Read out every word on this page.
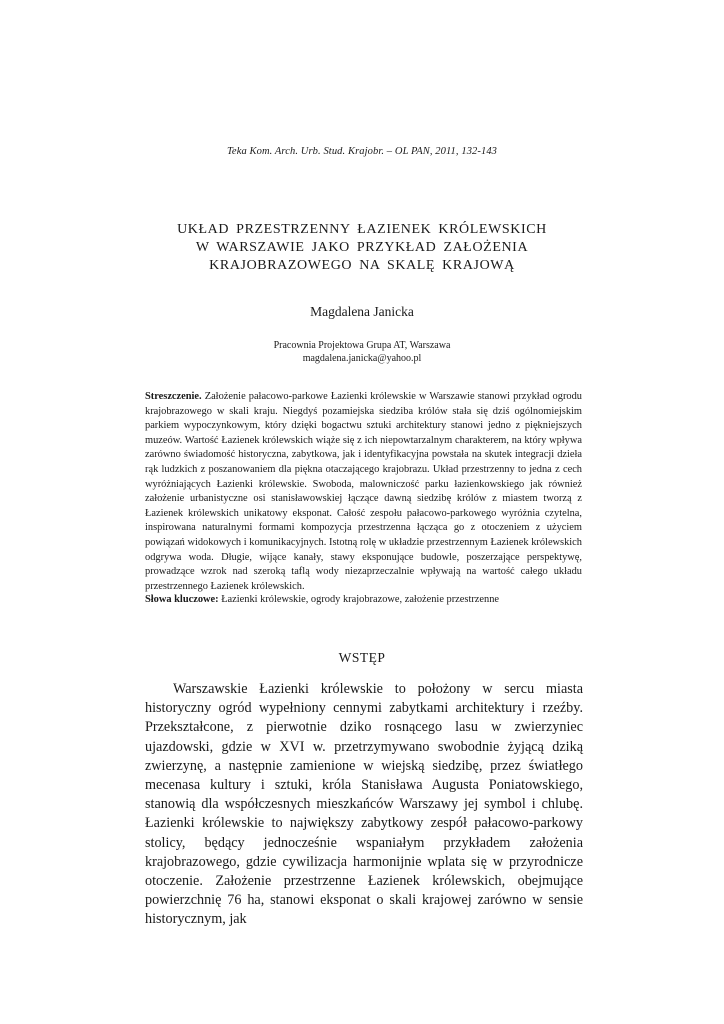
Teka Kom. Arch. Urb. Stud. Krajobr. – OL PAN, 2011, 132-143
UKŁAD PRZESTRZENNY ŁAZIENEK KRÓLEWSKICH
W WARSZAWIE JAKO PRZYKŁAD ZAŁOŻENIA
KRAJOBRAZOWEGO NA SKALĘ KRAJOWĄ
Magdalena Janicka
Pracownia Projektowa Grupa AT, Warszawa
magdalena.janicka@yahoo.pl
Streszczenie. Założenie pałacowo-parkowe Łazienki królewskie w Warszawie stanowi przykład ogrodu krajobrazowego w skali kraju. Niegdyś pozamiejska siedziba królów stała się dziś ogólnomiejskim parkiem wypoczynkowym, który dzięki bogactwu sztuki architektury stanowi jedno z piękniejszych muzeów. Wartość Łazienek królewskich wiąże się z ich niepowtarzalnym charakterem, na który wpływa zarówno świadomość historyczna, zabytkowa, jak i identyfikacyjna powstała na skutek integracji dzieła rąk ludzkich z poszanowaniem dla piękna otaczającego krajobrazu. Układ przestrzenny to jedna z cech wyróżniających Łazienki królewskie. Swoboda, malowniczość parku łazienkowskiego jak również założenie urbanistyczne osi stanisławowskiej łączące dawną siedzibę królów z miastem tworzą z Łazienek królewskich unikatowy eksponat. Całość zespołu pałacowo-parkowego wyróżnia czytelna, inspirowana naturalnymi formami kompozycja przestrzenna łącząca go z otoczeniem z użyciem powiązań widokowych i komunikacyjnych. Istotną rolę w układzie przestrzennym Łazienek królewskich odgrywa woda. Długie, wijące kanały, stawy eksponujące budowle, poszerzające perspektywę, prowadzące wzrok nad szeroką taflą wody niezaprzeczalnie wpływają na wartość całego układu przestrzennego Łazienek królewskich.
Słowa kluczowe: Łazienki królewskie, ogrody krajobrazowe, założenie przestrzenne
WSTĘP
Warszawskie Łazienki królewskie to położony w sercu miasta historyczny ogród wypełniony cennymi zabytkami architektury i rzeźby. Przekształcone, z pierwotnie dziko rosnącego lasu w zwierzyniec ujazdowski, gdzie w XVI w. przetrzymywano swobodnie żyjącą dziką zwierzynę, a następnie zamienione w wiejską siedzibę, przez światłego mecenasa kultury i sztuki, króla Stanisława Augusta Poniatowskiego, stanowią dla współczesnych mieszkańców Warszawy jej symbol i chlubę. Łazienki królewskie to największy zabytkowy zespół pałacowo-parkowy stolicy, będący jednocześnie wspaniałym przykładem założenia krajobrazowego, gdzie cywilizacja harmonijnie wplata się w przyrodnicze otoczenie. Założenie przestrzenne Łazienek królewskich, obejmujące powierzchnię 76 ha, stanowi eksponat o skali krajowej zarówno w sensie historycznym, jak
